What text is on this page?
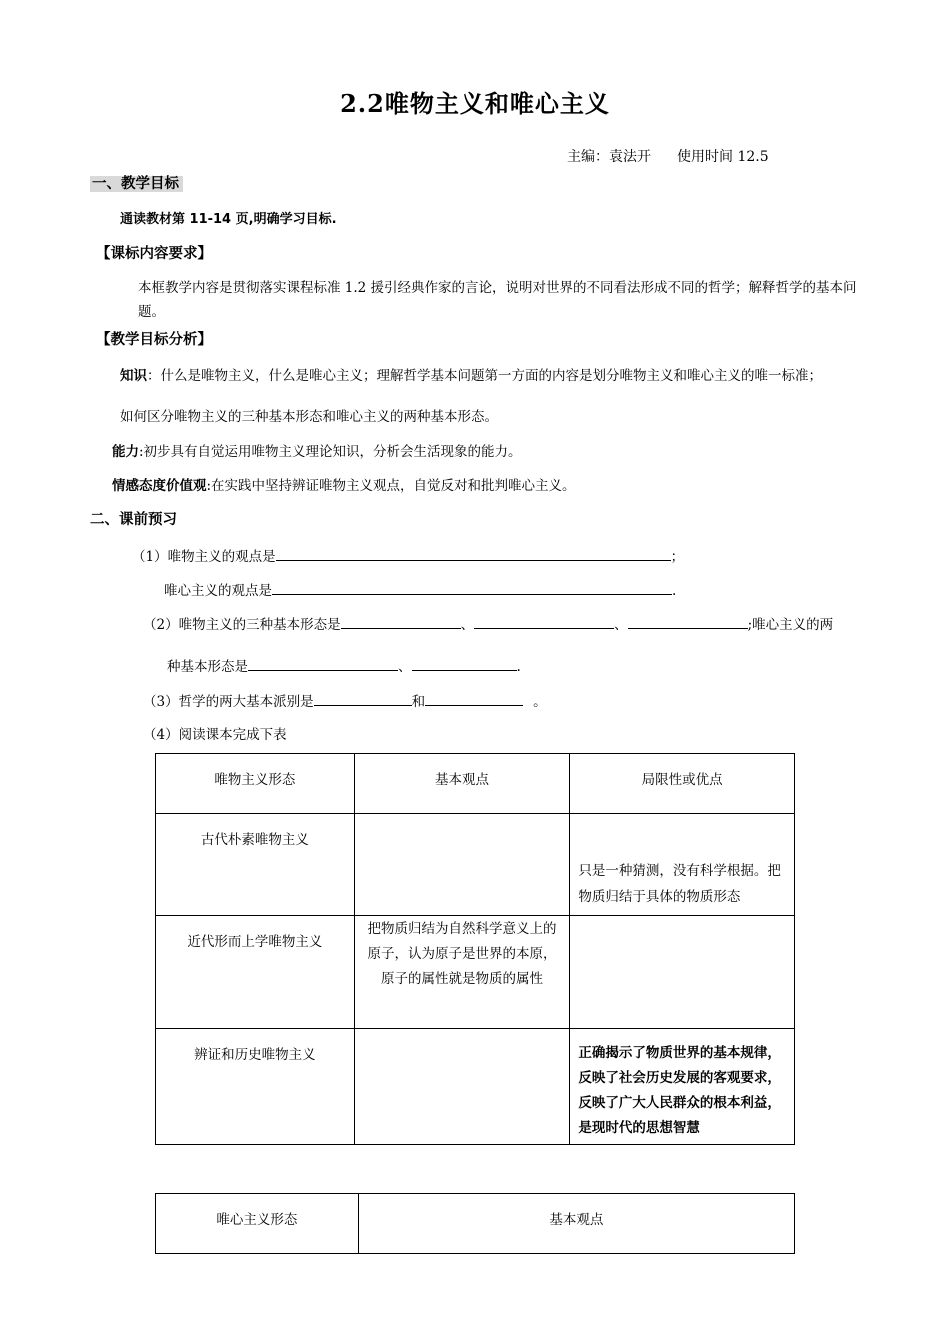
2.2唯物主义和唯心主义
主编：袁法开 使用时间 12.5
一、教学目标
通读教材第 11-14 页,明确学习目标.
【课标内容要求】
本框教学内容是贯彻落实课程标准 1.2 援引经典作家的言论，说明对世界的不同看法形成不同的哲学；解释哲学的基本问题。
【教学目标分析】
知识：什么是唯物主义，什么是唯心主义；理解哲学基本问题第一方面的内容是划分唯物主义和唯心主义的唯一标准；
如何区分唯物主义的三种基本形态和唯心主义的两种基本形态。
能力:初步具有自觉运用唯物主义理论知识，分析会生活现象的能力。
情感态度价值观:在实践中坚持辨证唯物主义观点，自觉反对和批判唯心主义。
二、课前预习
（1）唯物主义的观点是	；
唯心主义的观点是	.
（2）唯物主义的三种基本形态是	、	、	;唯心主义的两
种基本形态是	、	.
（3）哲学的两大基本派别是	和	。
（4）阅读课本完成下表
唯物主义形态	基本观点	局限性或优点

古代朴素唯物主义		只是一种猜测，没有科学根据。把物质归结于具体的物质形态

近代形而上学唯物主义	把物质归结为自然科学意义上的原子，认为原子是世界的本原，原子的属性就是物质的属性	

辨证和历史唯物主义		正确揭示了物质世界的基本规律，反映了社会历史发展的客观要求，反映了广大人民群众的根本利益，是现时代的思想智慧
唯心主义形态	基本观点
